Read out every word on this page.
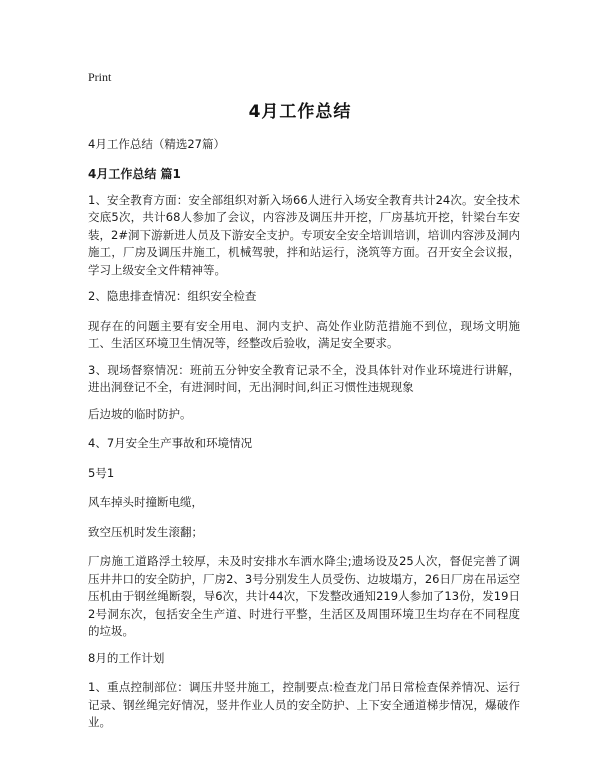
Print
4月工作总结

4月工作总结（精选27篇）

4月工作总结 篇1

1、安全教育方面：安全部组织对新入场66人进行入场安全教育共计24次。安全技术交底5次，共计68人参加了会议，内容涉及调压井开挖，厂房基坑开挖，针梁台车安装，2#洞下游新进人员及下游安全支护。专项安全安全培训培训，培训内容涉及洞内施工，厂房及调压井施工，机械驾驶，拌和站运行，浇筑等方面。召开安全会议报，学习上级安全文件精神等。

2、隐患排查情况：组织安全检查

现存在的问题主要有安全用电、洞内支护、高处作业防范措施不到位，现场文明施工、生活区环境卫生情况等，经整改后验收，满足安全要求。

3、现场督察情况：班前五分钟安全教育记录不全，没具体针对作业环境进行讲解，进出洞登记不全，有进洞时间，无出洞时间,纠正习惯性违规现象

后边坡的临时防护。

4、7月安全生产事故和环境情况

5号1

风车掉头时撞断电缆，

致空压机时发生滚翻；

厂房施工道路浮土较厚，未及时安排水车洒水降尘;遗场设及25人次，督促完善了调压井井口的安全防护，厂房2、3号分别发生人员受伤、边坡塌方，26日厂房在吊运空压机由于钢丝绳断裂，导6次，共计44次，下发整改通知219人参加了13份，发19日2号洞东次，包括安全生产道、时进行平整，生活区及周围环境卫生均存在不同程度的垃圾。

8月的工作计划

1、重点控制部位：调压井竖井施工，控制要点:检查龙门吊日常检查保养情况、运行记录、钢丝绳完好情况，竖井作业人员的安全防护、上下安全通道梯步情况，爆破作业。
